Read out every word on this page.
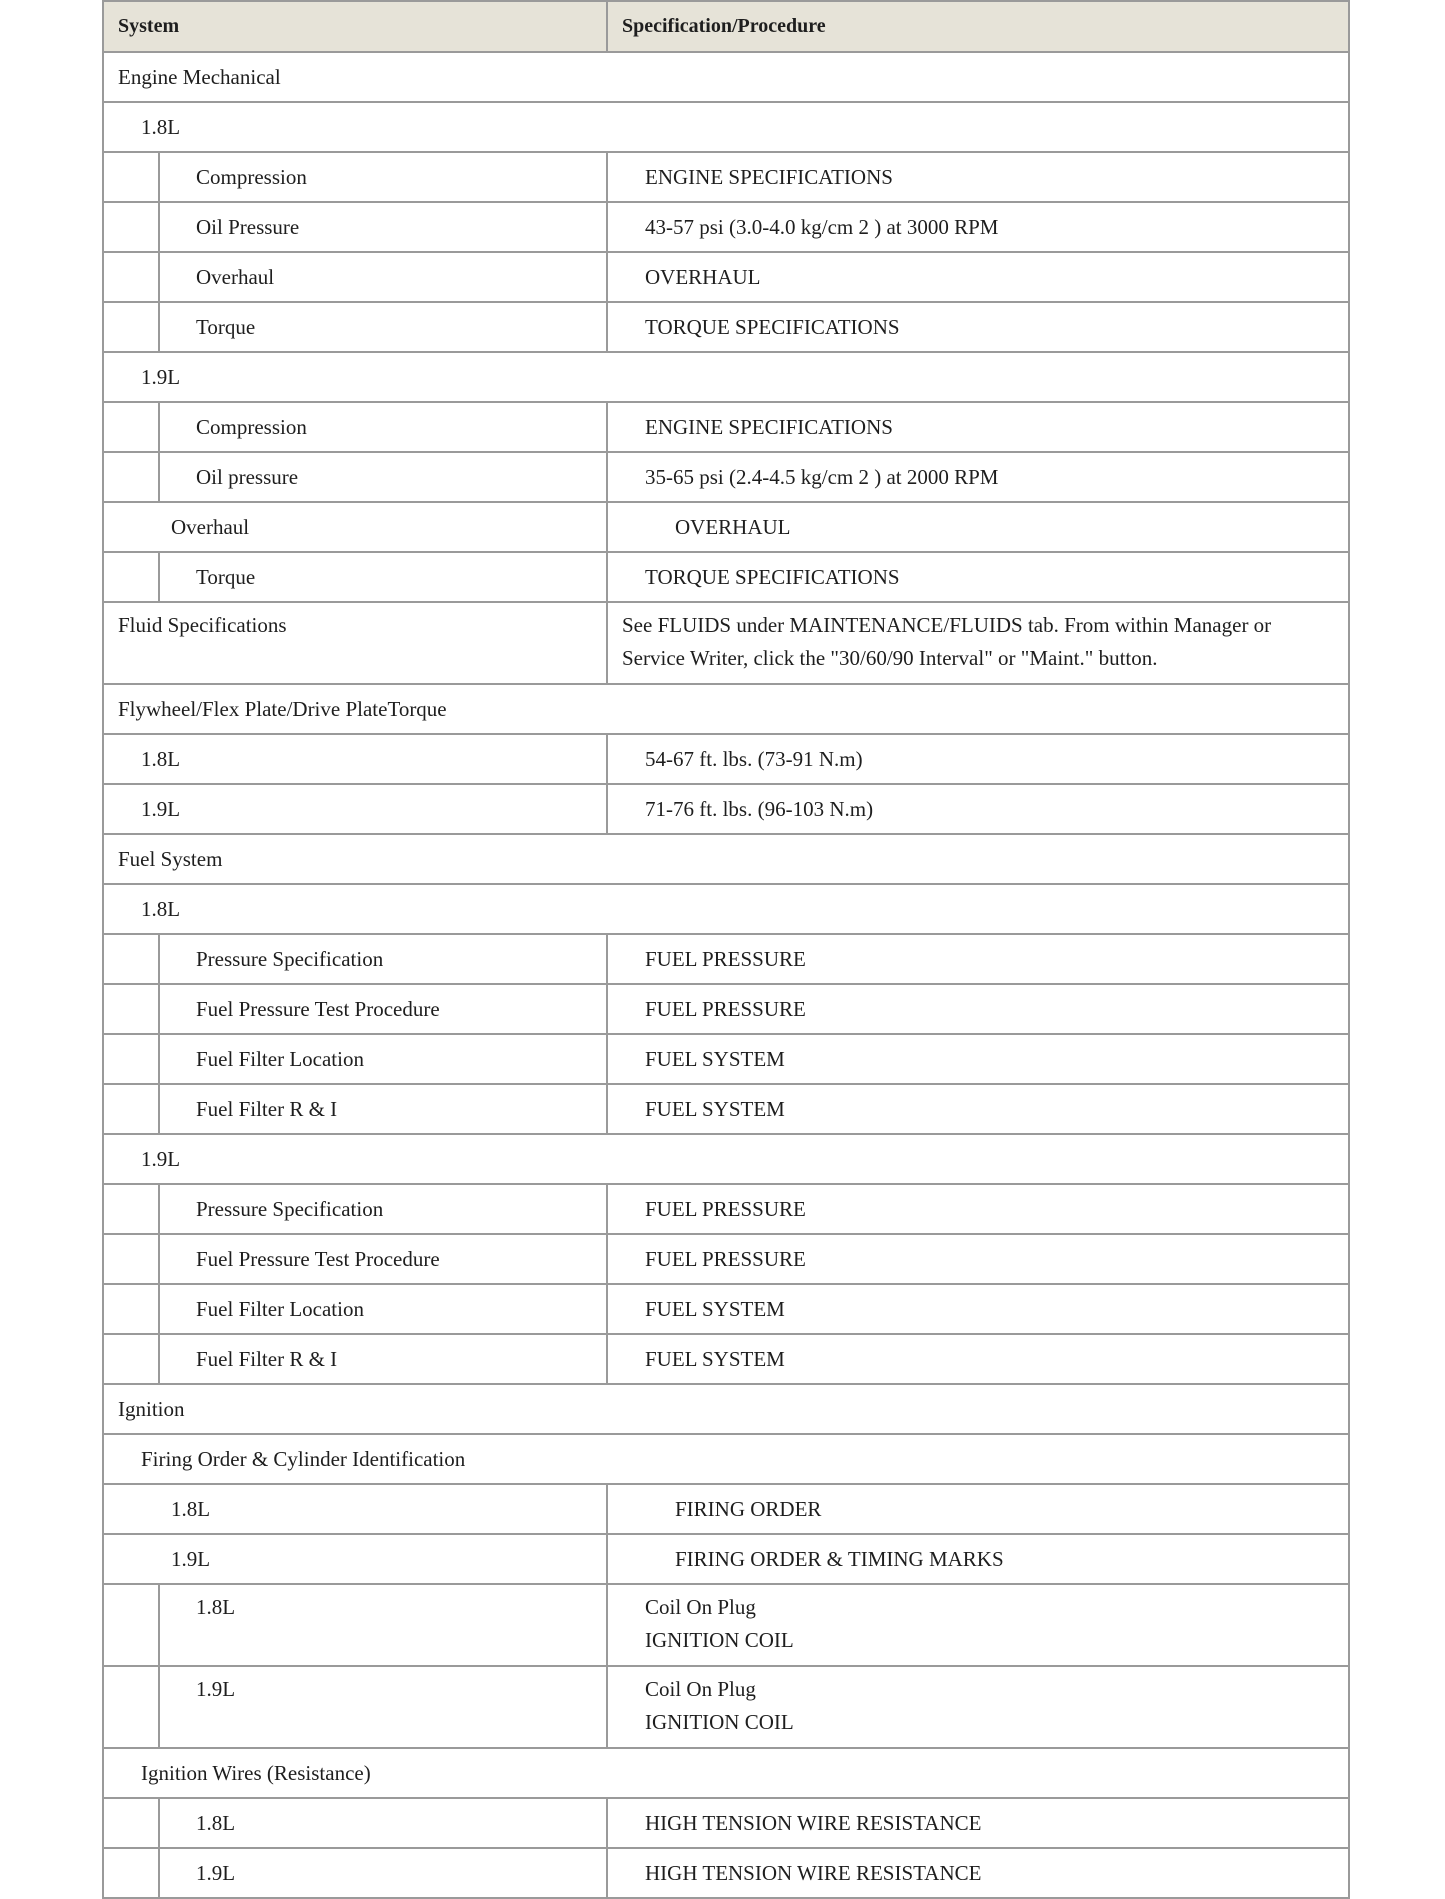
System	Specification/Procedure
Engine Mechanical
1.8L
Compression	ENGINE SPECIFICATIONS
Oil Pressure	43-57 psi (3.0-4.0 kg/cm 2 ) at 3000 RPM
Overhaul	OVERHAUL
Torque	TORQUE SPECIFICATIONS
1.9L
Compression	ENGINE SPECIFICATIONS
Oil pressure	35-65 psi (2.4-4.5 kg/cm 2 ) at 2000 RPM
Overhaul	OVERHAUL
Torque	TORQUE SPECIFICATIONS
Fluid Specifications	See FLUIDS under MAINTENANCE/FLUIDS tab. From within Manager or Service Writer, click the "30/60/90 Interval" or "Maint." button.
Flywheel/Flex Plate/Drive PlateTorque
1.8L	54-67 ft. lbs. (73-91 N.m)
1.9L	71-76 ft. lbs. (96-103 N.m)
Fuel System
1.8L
Pressure Specification	FUEL PRESSURE
Fuel Pressure Test Procedure	FUEL PRESSURE
Fuel Filter Location	FUEL SYSTEM
Fuel Filter R & I	FUEL SYSTEM
1.9L
Pressure Specification	FUEL PRESSURE
Fuel Pressure Test Procedure	FUEL PRESSURE
Fuel Filter Location	FUEL SYSTEM
Fuel Filter R & I	FUEL SYSTEM
Ignition
Firing Order & Cylinder Identification
1.8L	FIRING ORDER
1.9L	FIRING ORDER & TIMING MARKS
1.8L	Coil On Plug
IGNITION COIL
1.9L	Coil On Plug
IGNITION COIL
Ignition Wires (Resistance)
1.8L	HIGH TENSION WIRE RESISTANCE
1.9L	HIGH TENSION WIRE RESISTANCE
